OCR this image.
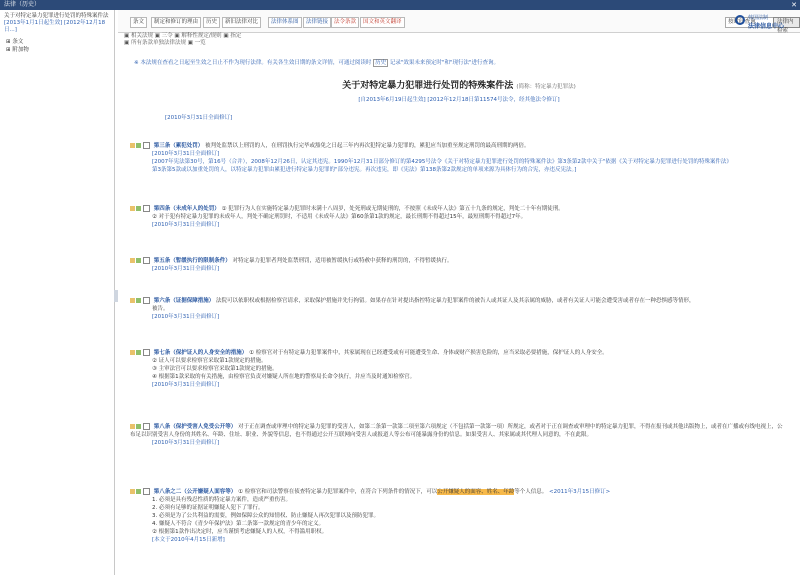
法律（历史）	✕
关于对特定暴力犯罪进行处罚的特殊案件法
[2013年1月1日起生效] [2012年12月18日...]
⊞ 条文
⊞ 附加物
条文	制定和修订的理由	历史	新旧法律对比	法律体系图	法律链接	法令条款	国文和英文翻译	按时间查询	法律内检索
韩国法制
法律信息中心
▣ 相关法规 ▣ 三令 ▣ 解释性规定/规则 ▣ 指定
▣ 所有条款单独法律法规 ▣ 一览
※ 本法规在查看之日起至生效之日止不作为现行法律。有关各生效日期的条文详情，可通过阅读时 历史 记录"效果未来预定时"和"现行法"进行查询。
关于对特定暴力犯罪进行处罚的特殊案件法 (简称：特定暴力犯罪法)
[自2013年6月19日起生效] [2012年12月18日第11574号法令，经其他法令修订]
[2010年3月31日全面修订]
第三条（累犯处罚） 被判处监禁以上刑罚的人，在刑罚执行完毕或豁免之日起三年内再次犯特定暴力犯罪的，累犯应当加重至规定刑罚的最高刑期的两倍。
[2010年3月31日全面修订]
[2007年宪法第30号，第16号（合并），2008年12月26日，认定其违宪。1990年12月31日部分修订的第4295号法令《关于对特定暴力犯罪进行处罚的特殊案件法》第3条第2款中关于"依据《关于对特定暴力犯罪进行处罚的特殊案件法》
第3条第5款或以加重处罚的人，以特定暴力犯罪由累犯进行特定暴力犯罪的"部分违宪。再次违宪，即《宪法》第138条第2款规定的单项来源为具体行为的合宪，亦违反宪法。]
第四条（未成年人的处罚） ① 犯罪行为人在实施特定暴力犯罪时未满十八周岁，处死刑或无期徒刑的，不按照《未成年人法》第五十九条的规定，判处二十年有期徒刑。
② 对于犯有特定暴力犯罪的未成年人，判处不确定刑罚时，不适用《未成年人法》第60条第1款的规定，最长刑期不得超过15年，最短刑期不得超过7年。
[2010年3月31日全面修订]
第五条（暂缓执行的限制条件） 对特定暴力犯罪者判处监禁刑罚，适用被暂缓执行或特赦中获释的刑罚的，不得暂缓执行。
[2010年3月31日全面修订]
第六条（证据保障措施） 法院可以依职权或根据检察官请求，采取保护措施并先行拘留。如果存在针对提出指控特定暴力犯罪案件的被告人或其证人及其亲属的威胁，或者有关证人可能会遭受害或者存在一种恐惧感等情形，
被告。
[2010年3月31日全面修订]
第七条（保护证人的人身安全的措施） ① 检察官对于有特定暴力犯罪案件中，其家属现在已经遭受或有可能遭受生命、身体或财产损害危险的，应当采取必要措施，保护证人的人身安全。
② 证人可以要求检察官采取第1款规定的措施。
③ 主审法官可以要求检察官采取第1款规定的措施。
④ 根据第1款采取的有关措施，由检察官负责对嫌疑人所在地的警察局长命令执行，并应当及时通知检察官。
[2010年3月31日全面修订]
第八条（保护受害人免受公开等） 对于正在调查或审理中的特定暴力犯罪的受害人，如第二条第一款第二项至第六项规定（不包括第一款第一项）所规定，或者对于正在调查或审理中的特定暴力犯罪，不得在报刊或其他出版物上，或者在广播或有线电视上，公布足以识别受害人身份的其姓名、年龄、住址、职业、外貌等信息，也不得通过公开互联网向受害人或报道人等公布可能暴露身份的信息。如果受害人、其家属或其代理人同意的，不在此限。
[2010年3月31日全面修订]
第八条之二（公开嫌疑人面容等） ① 检察官和司法警察在侦查特定暴力犯罪案件中，在符合下列条件的情况下，可以公开嫌疑人的面容、姓名、年龄等个人信息。 <2011年3月15日修订>
1. 必须是具有残忍性质的特定暴力案件，造成严重伤害。
2. 必须有足够的证据证明嫌疑人犯下了罪行。
3. 必须是为了公共利益的需要，例如保障公众的知情权、防止嫌疑人再次犯罪以及预防犯罪。
4. 嫌疑人不符合《青少年保护法》第二条第一款规定的青少年的定义。
② 根据第1款作出决定时，应当谨慎考虑嫌疑人的人权，不得滥用职权。
[本文于2010年4月15日新增]
